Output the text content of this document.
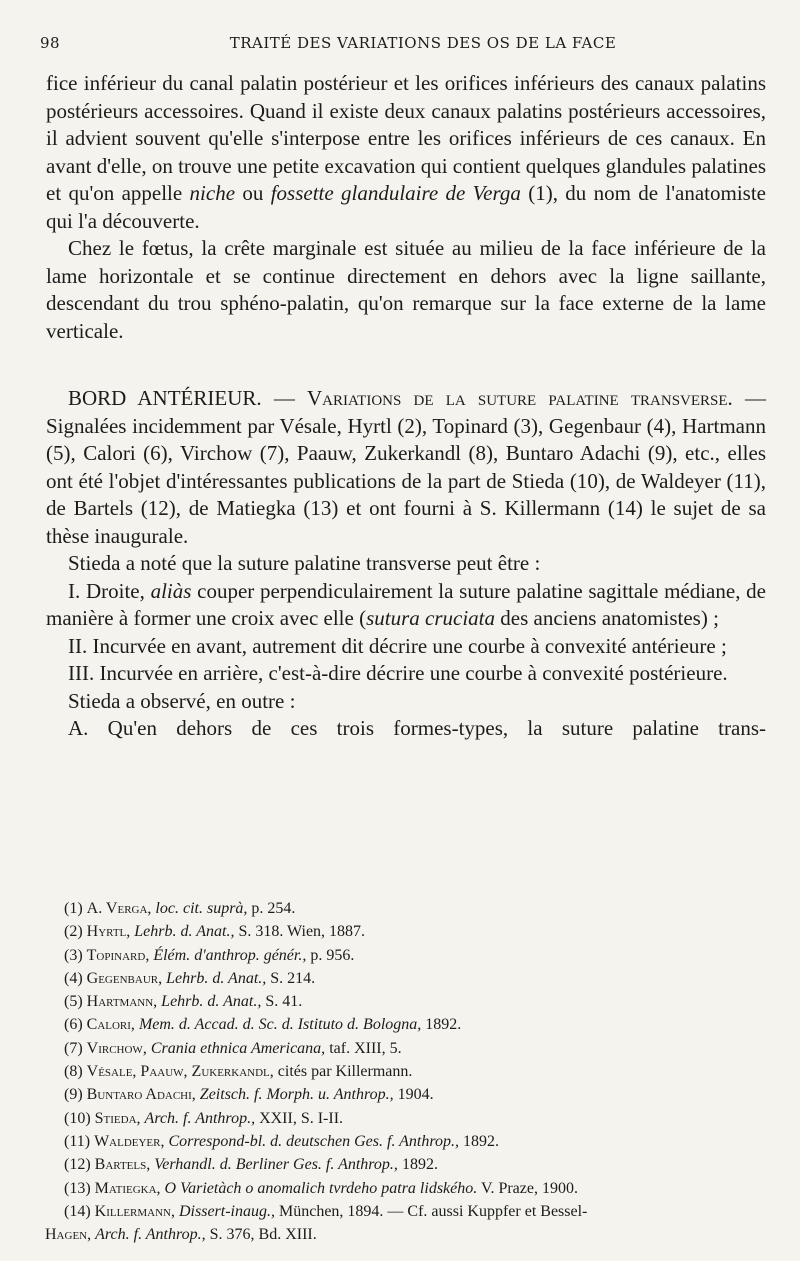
98	TRAITÉ DES VARIATIONS DES OS DE LA FACE

fice inférieur du canal palatin postérieur et les orifices inférieurs des canaux palatins postérieurs accessoires. Quand il existe deux canaux palatins postérieurs accessoires, il advient souvent qu'elle s'interpose entre les orifices inférieurs de ces canaux. En avant d'elle, on trouve une petite excavation qui contient quelques glandules palatines et qu'on appelle niche ou fossette glandulaire de Verga (1), du nom de l'anatomiste qui l'a découverte.

Chez le fœtus, la crête marginale est située au milieu de la face inférieure de la lame horizontale et se continue directement en dehors avec la ligne saillante, descendant du trou sphéno-palatin, qu'on remarque sur la face externe de la lame verticale.

BORD ANTÉRIEUR. — Variations de la suture palatine transverse. — Signalées incidemment par Vésale, Hyrtl (2), Topinard (3), Gegenbaur (4), Hartmann (5), Calori (6), Virchow (7), Paauw, Zukerkandl (8), Buntaro Adachi (9), etc., elles ont été l'objet d'intéressantes publications de la part de Stieda (10), de Waldeyer (11), de Bartels (12), de Matiegka (13) et ont fourni à S. Killermann (14) le sujet de sa thèse inaugurale.

Stieda a noté que la suture palatine transverse peut être :

I. Droite, aliàs couper perpendiculairement la suture palatine sagittale médiane, de manière à former une croix avec elle (sutura cruciata des anciens anatomistes) ;

II. Incurvée en avant, autrement dit décrire une courbe à convexité antérieure ;

III. Incurvée en arrière, c'est-à-dire décrire une courbe à convexité postérieure.

Stieda a observé, en outre :

A. Qu'en dehors de ces trois formes-types, la suture palatine trans-

(1) A. Verga, loc. cit. suprà, p. 254.

(2) Hyrtl, Lehrb. d. Anat., S. 318. Wien, 1887.

(3) Topinard, Élém. d'anthrop. génér., p. 956.

(4) Gegenbaur, Lehrb. d. Anat., S. 214.

(5) Hartmann, Lehrb. d. Anat., S. 41.

(6) Calori, Mem. d. Accad. d. Sc. d. Istituto d. Bologna, 1892.

(7) Virchow, Crania ethnica Americana, taf. XIII, 5.

(8) Vésale, Paauw, Zukerkandl, cités par Killermann.

(9) Buntaro Adachi, Zeitsch. f. Morph. u. Anthrop., 1904.

(10) Stieda, Arch. f. Anthrop., XXII, S. I-II.

(11) Waldeyer, Correspond-bl. d. deutschen Ges. f. Anthrop., 1892.

(12) Bartels, Verhandl. d. Berliner Ges. f. Anthrop., 1892.

(13) Matiegka, O Varietàch o anomalich tvrdeho patra lidského. V. Praze, 1900.

(14) Killermann, Dissert-inaug., München, 1894. — Cf. aussi Kuppfer et Bessel-

Hagen, Arch. f. Anthrop., S. 376, Bd. XIII.
